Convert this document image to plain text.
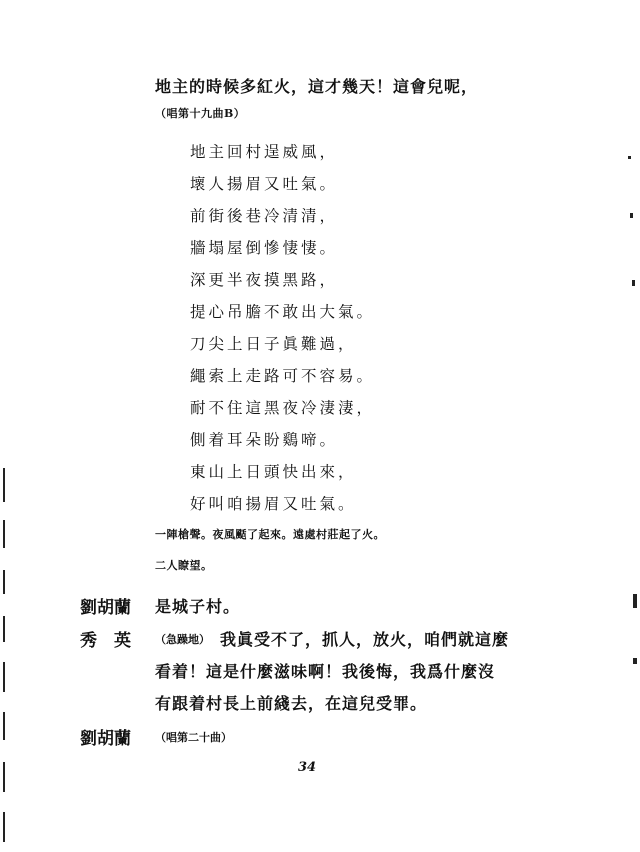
地主的時候多紅火，這才幾天！這會兒呢，
（唱第十九曲B）
地主回村逞威風，
壞人揚眉又吐氣。
前街後巷冷清清，
牆塌屋倒慘悽悽。
深更半夜摸黑路，
提心吊膽不敢出大氣。
刀尖上日子眞難過，
繩索上走路可不容易。
耐不住這黑夜冷淒淒，
側着耳朵盼鷄啼。
東山上日頭快出來，
好叫咱揚眉又吐氣。
一陣槍聲。夜風颳了起來。遠處村莊起了火。
二人瞭望。
劉胡蘭 是城子村。
秀　英 （急躁地） 我眞受不了，抓人，放火，咱們就這麼
看着！這是什麼滋味啊！我後悔，我爲什麼沒
有跟着村長上前綫去，在這兒受罪。
劉胡蘭 （唱第二十曲）
34
